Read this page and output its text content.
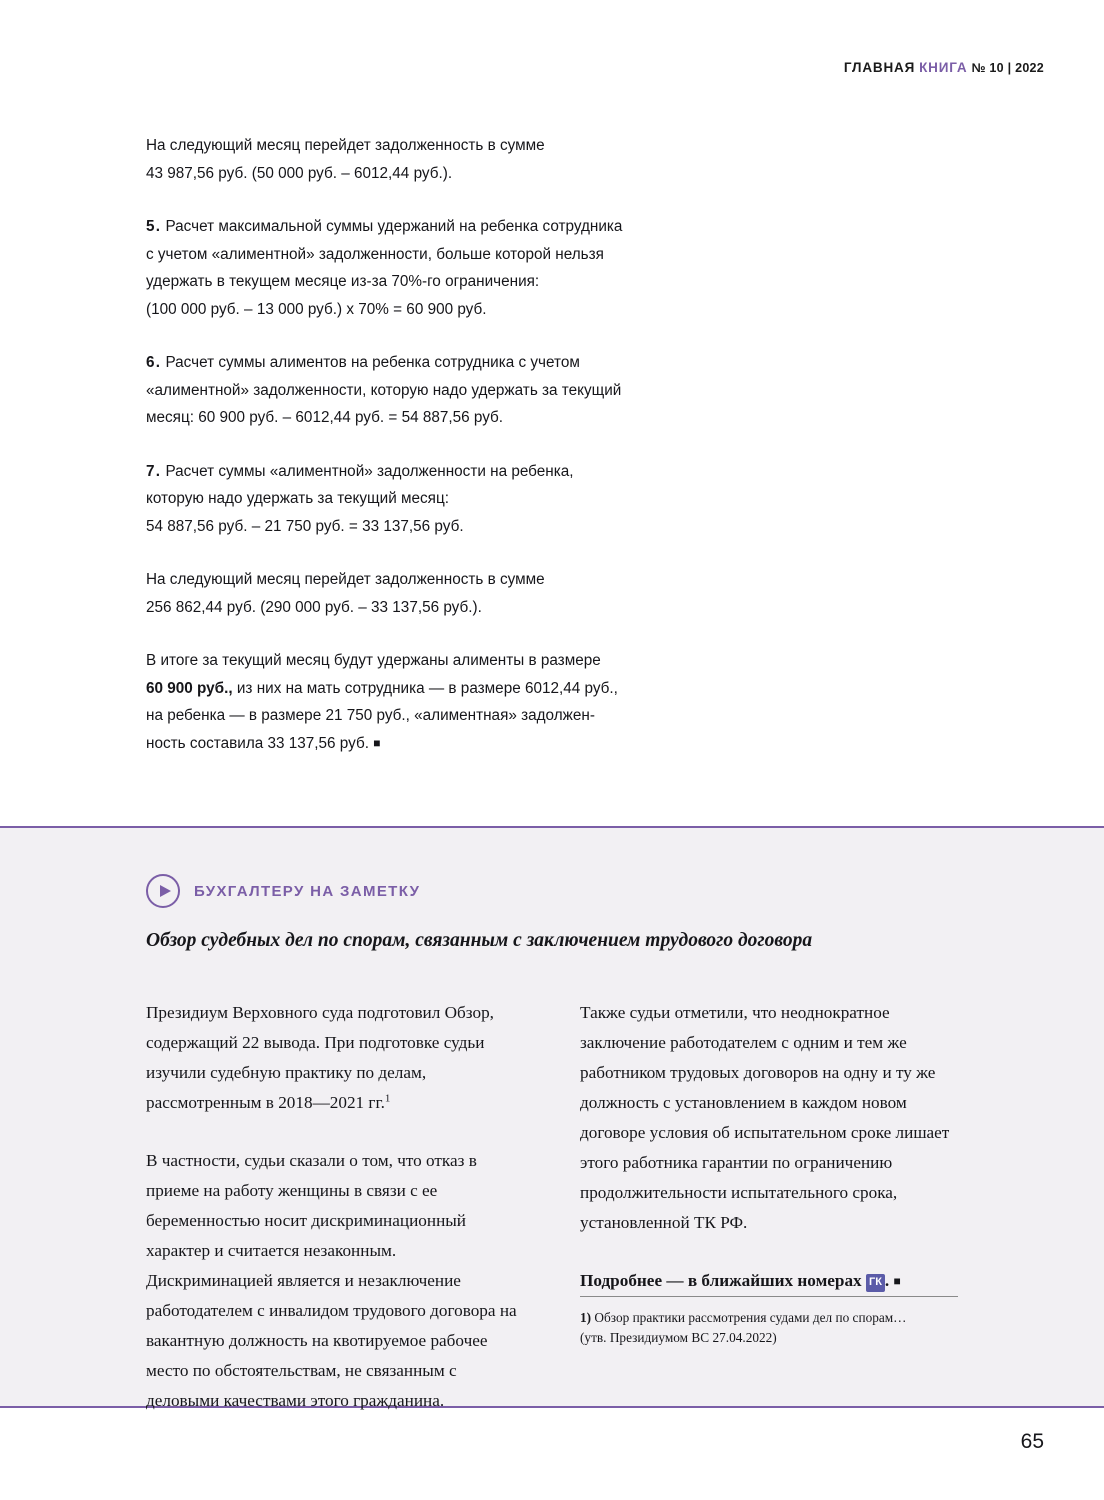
ГЛАВНАЯ КНИГА № 10 | 2022

На следующий месяц перейдет задолженность в сумме
43 987,56 руб. (50 000 руб. – 6012,44 руб.).

5. Расчет максимальной суммы удержаний на ребенка сотрудника
с учетом «алиментной» задолженности, больше которой нельзя
удержать в текущем месяце из-за 70%-го ограничения:
(100 000 руб. – 13 000 руб.) х 70% = 60 900 руб.

6. Расчет суммы алиментов на ребенка сотрудника с учетом
«алиментной» задолженности, которую надо удержать за текущий
месяц: 60 900 руб. – 6012,44 руб. = 54 887,56 руб.

7. Расчет суммы «алиментной» задолженности на ребенка,
которую надо удержать за текущий месяц:
54 887,56 руб. – 21 750 руб. = 33 137,56 руб.

На следующий месяц перейдет задолженность в сумме
256 862,44 руб. (290 000 руб. – 33 137,56 руб.).

В итоге за текущий месяц будут удержаны алименты в размере
60 900 руб., из них на мать сотрудника — в размере 6012,44 руб.,
на ребенка — в размере 21 750 руб., «алиментная» задолжен-
ность составила 33 137,56 руб. ■

БУХГАЛТЕРУ НА ЗАМЕТКУ
Обзор судебных дел по спорам, связанным с заключением трудового договора

Президиум Верховного суда подготовил Обзор, содержащий 22 вывода. При подготовке судьи изучили судебную практику по делам, рассмотренным в 2018—2021 гг.$^1$

В частности, судьи сказали о том, что отказ в приеме на работу женщины в связи с ее беременностью носит дискриминационный характер и считается незаконным. Дискриминацией является и незаключение работодателем с инвалидом трудового договора на вакантную должность на квотируемое рабочее место по обстоятельствам, не связанным с деловыми качествами этого гражданина.

Также судьи отметили, что неоднократное заключение работодателем с одним и тем же работником трудовых договоров на одну и ту же должность с установлением в каждом новом договоре условия об испытательном сроке лишает этого работника гарантии по ограничению продолжительности испытательного срока, установленной ТК РФ.

Подробнее — в ближайших номерах ГК . ■

1) Обзор практики рассмотрения судами дел по спорам…
(утв. Президиумом ВС 27.04.2022)
65
